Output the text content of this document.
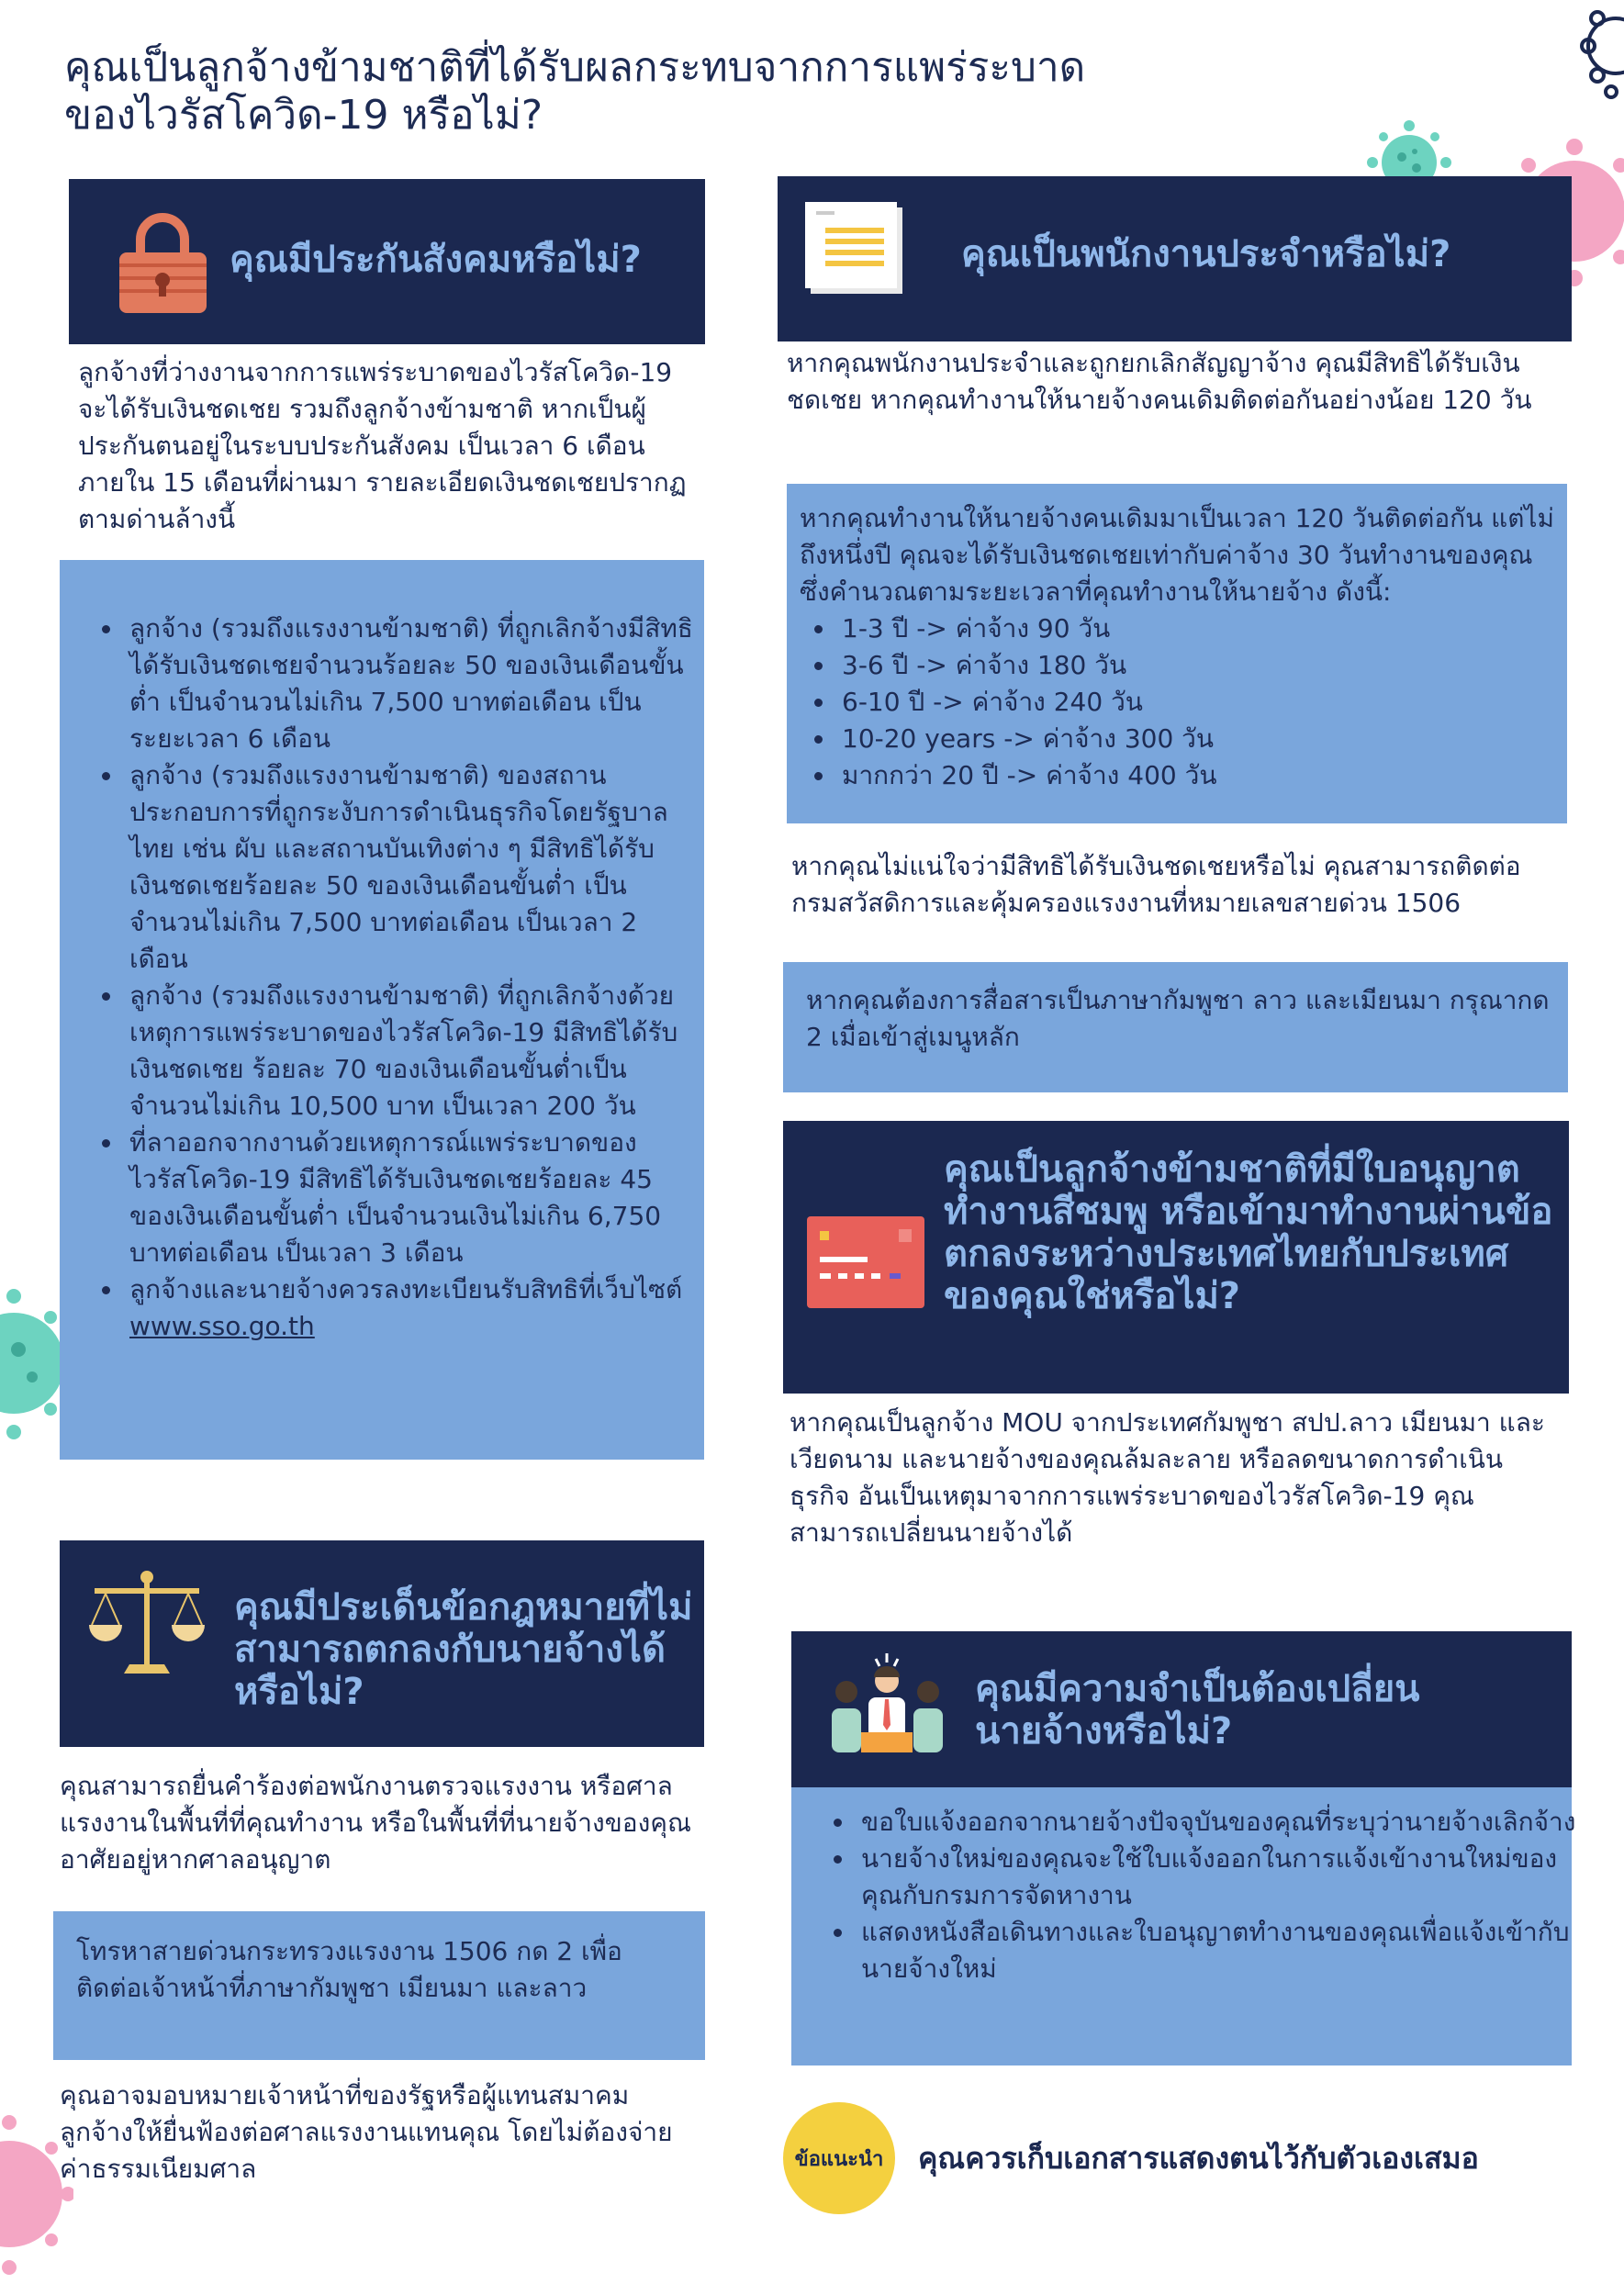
คุณเป็นลูกจ้างข้ามชาติที่ได้รับผลกระทบจากการแพร่ระบาด
ของไวรัสโควิด-19 หรือไม่?
คุณมีประกันสังคมหรือไม่?
ลูกจ้างที่ว่างงานจากการแพร่ระบาดของไวรัสโควิด-19 จะได้รับเงินชดเชย รวมถึงลูกจ้างข้ามชาติ หากเป็นผู้ประกันตนอยู่ในระบบประกันสังคม เป็นเวลา 6 เดือน ภายใน 15 เดือนที่ผ่านมา รายละเอียดเงินชดเชยปรากฏตามด่านล้างนี้
• ลูกจ้าง (รวมถึงแรงงานข้ามชาติ) ที่ถูกเลิกจ้างมีสิทธิได้รับเงินชดเชยจำนวนร้อยละ 50 ของเงินเดือนขั้นต่ำ เป็นจำนวนไม่เกิน 7,500 บาทต่อเดือน เป็นระยะเวลา 6 เดือน
• ลูกจ้าง (รวมถึงแรงงานข้ามชาติ) ของสถานประกอบการที่ถูกระงับการดำเนินธุรกิจโดยรัฐบาลไทย เช่น ผับ และสถานบันเทิงต่าง ๆ มีสิทธิได้รับเงินชดเชยร้อยละ 50 ของเงินเดือนขั้นต่ำ เป็นจำนวนไม่เกิน 7,500 บาทต่อเดือน เป็นเวลา 2 เดือน
• ลูกจ้าง (รวมถึงแรงงานข้ามชาติ) ที่ถูกเลิกจ้างด้วยเหตุการแพร่ระบาดของไวรัสโควิด-19 มีสิทธิได้รับเงินชดเชย ร้อยละ 70 ของเงินเดือนขั้นต่ำเป็นจำนวนไม่เกิน 10,500 บาท เป็นเวลา 200 วัน
• ที่ลาออกจากงานด้วยเหตุการณ์แพร่ระบาดของไวรัสโควิด-19 มีสิทธิได้รับเงินชดเชยร้อยละ 45 ของเงินเดือนขั้นต่ำ เป็นจำนวนเงินไม่เกิน 6,750 บาทต่อเดือน เป็นเวลา 3 เดือน
• ลูกจ้างและนายจ้างควรลงทะเบียนรับสิทธิที่เว็บไซต์ www.sso.go.th
คุณมีประเด็นข้อกฎหมายที่ไม่สามารถตกลงกับนายจ้างได้หรือไม่?
คุณสามารถยื่นคำร้องต่อพนักงานตรวจแรงงาน หรือศาลแรงงานในพื้นที่ที่คุณทำงาน หรือในพื้นที่ที่นายจ้างของคุณอาศัยอยู่หากศาลอนุญาต
โทรหาสายด่วนกระทรวงแรงงาน 1506 กด 2 เพื่อติดต่อเจ้าหน้าที่ภาษากัมพูชา เมียนมา และลาว
คุณอาจมอบหมายเจ้าหน้าที่ของรัฐหรือผู้แทนสมาคมลูกจ้างให้ยื่นฟ้องต่อศาลแรงงานแทนคุณ โดยไม่ต้องจ่ายค่าธรรมเนียมศาล
คุณเป็นพนักงานประจำหรือไม่?
หากคุณพนักงานประจำและถูกยกเลิกสัญญาจ้าง คุณมีสิทธิได้รับเงินชดเชย หากคุณทำงานให้นายจ้างคนเดิมติดต่อกันอย่างน้อย 120 วัน
หากคุณทำงานให้นายจ้างคนเดิมมาเป็นเวลา 120 วันติดต่อกัน แต่ไม่ถึงหนึ่งปี คุณจะได้รับเงินชดเชยเท่ากับค่าจ้าง 30 วันทำงานของคุณซึ่งคำนวณตามระยะเวลาที่คุณทำงานให้นายจ้าง ดังนี้:
• 1-3 ปี -> ค่าจ้าง 90 วัน
• 3-6 ปี -> ค่าจ้าง 180 วัน
• 6-10 ปี -> ค่าจ้าง 240 วัน
• 10-20 years -> ค่าจ้าง 300 วัน
• มากกว่า 20 ปี -> ค่าจ้าง 400 วัน
หากคุณไม่แน่ใจว่ามีสิทธิได้รับเงินชดเชยหรือไม่ คุณสามารถติดต่อกรมสวัสดิการและคุ้มครองแรงงานที่หมายเลขสายด่วน 1506
หากคุณต้องการสื่อสารเป็นภาษากัมพูชา ลาว และเมียนมา กรุณากด 2 เมื่อเข้าสู่เมนูหลัก
คุณเป็นลูกจ้างข้ามชาติที่มีใบอนุญาตทำงานสีชมพู หรือเข้ามาทำงานผ่านข้อตกลงระหว่างประเทศไทยกับประเทศของคุณใช่หรือไม่?
หากคุณเป็นลูกจ้าง MOU จากประเทศกัมพูชา สปป.ลาว เมียนมา และเวียดนาม และนายจ้างของคุณล้มละลาย หรือลดขนาดการดำเนินธุรกิจ อันเป็นเหตุมาจากการแพร่ระบาดของไวรัสโควิด-19 คุณสามารถเปลี่ยนนายจ้างได้
คุณมีความจำเป็นต้องเปลี่ยนนายจ้างหรือไม่?
• ขอใบแจ้งออกจากนายจ้างปัจจุบันของคุณที่ระบุว่านายจ้างเลิกจ้าง
• นายจ้างใหม่ของคุณจะใช้ใบแจ้งออกในการแจ้งเข้างานใหม่ของคุณกับกรมการจัดหางาน
• แสดงหนังสือเดินทางและใบอนุญาตทำงานของคุณเพื่อแจ้งเข้ากับนายจ้างใหม่
ข้อแนะนำ คุณควรเก็บเอกสารแสดงตนไว้กับตัวเองเสมอ
